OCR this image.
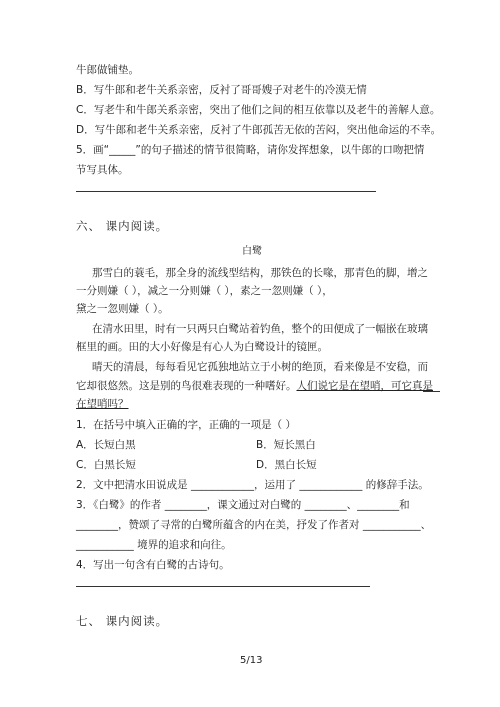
牛郎做铺垫。
B．写牛郎和老牛关系亲密，反衬了哥哥嫂子对老牛的冷漠无情
C．写老牛和牛郎关系亲密，突出了他们之间的相互依靠以及老牛的善解人意。
D．写牛郎和老牛关系亲密，反衬了牛郎孤苦无依的苦闷，突出他命运的不幸。
5．画“_____”的句子描述的情节很简略，请你发挥想象，以牛郎的口吻把情
节写具体。
六、 课内阅读。
白鹭
那雪白的蓑毛，那全身的流线型结构，那铁色的长喙，那青色的脚，增之
一分则嫌（ ），减之一分则嫌（ ），素之一忽则嫌（ ），
黛之一忽则嫌（ ）。
在清水田里，时有一只两只白鹭站着钓鱼，整个的田便成了一幅嵌在玻璃
框里的画。田的大小好像是有心人为白鹭设计的镜匣。
晴天的清晨，每每看见它孤独地站立于小树的绝顶，看来像是不安稳，而
它却很悠然。这是别的鸟很难表现的一种嗜好。人们说它是在望哨，可它真是
在望哨吗？
1．在括号中填入正确的字，正确的一项是（ ）
A．长短白黑	B．短长黑白
C．白黑长短	D．黑白长短
2．文中把清水田说成是 ____________，运用了 ____________ 的修辞手法。
3．《白鹭》的作者 ________，课文通过对白鹭的 ________、________和
________，赞颂了寻常的白鹭所蕴含的内在美，抒发了作者对 ___________、
___________ 境界的追求和向往。
4．写出一句含有白鹭的古诗句。
七、 课内阅读。
5/13
